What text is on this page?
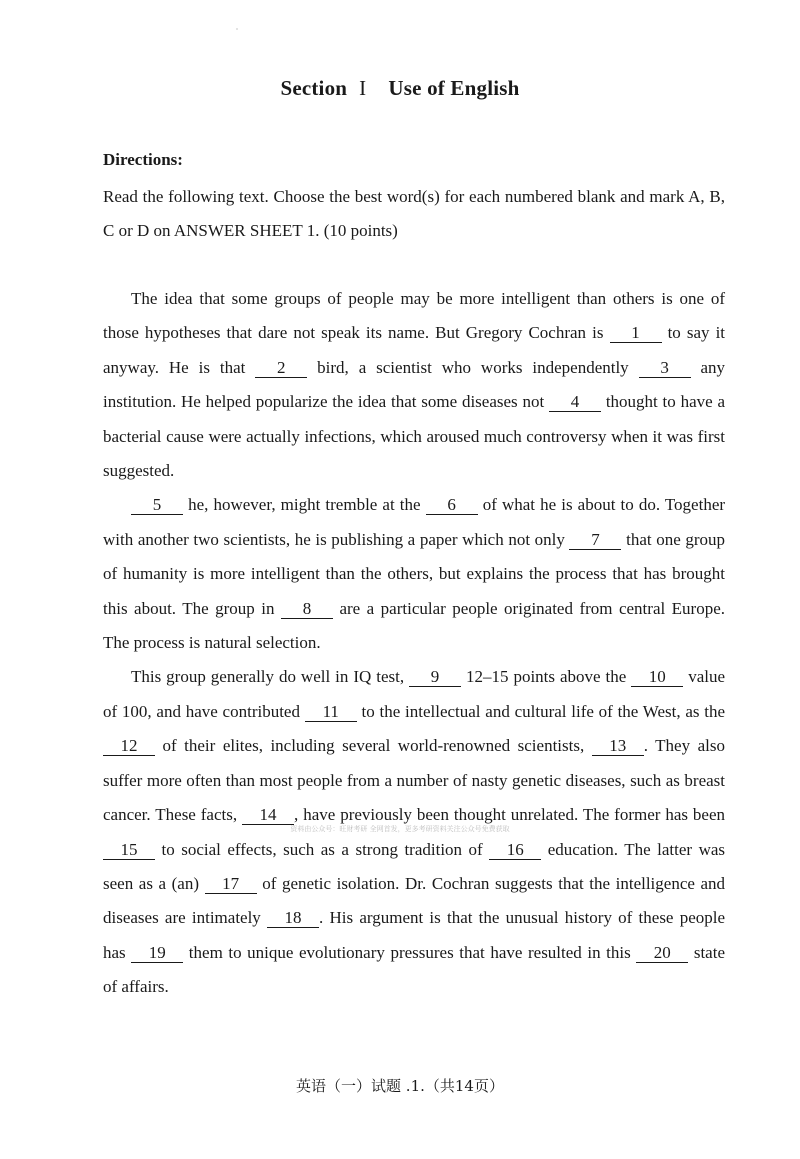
Section I Use of English
Directions:
Read the following text. Choose the best word(s) for each numbered blank and mark A, B, C or D on ANSWER SHEET 1. (10 points)

The idea that some groups of people may be more intelligent than others is one of those hypotheses that dare not speak its name. But Gregory Cochran is 1 to say it anyway. He is that 2 bird, a scientist who works independently 3 any institution. He helped popularize the idea that some diseases not 4 thought to have a bacterial cause were actually infections, which aroused much controversy when it was first suggested.

5 he, however, might tremble at the 6 of what he is about to do. Together with another two scientists, he is publishing a paper which not only 7 that one group of humanity is more intelligent than the others, but explains the process that has brought this about. The group in 8 are a particular people originated from central Europe. The process is natural selection.

This group generally do well in IQ test, 9 12–15 points above the 10 value of 100, and have contributed 11 to the intellectual and cultural life of the West, as the 12 of their elites, including several world-renowned scientists, 13 . They also suffer more often than most people from a number of nasty genetic diseases, such as breast cancer. These facts, 14 , have previously been thought unrelated. The former has been 15 to social effects, such as a strong tradition of 16 education. The latter was seen as a (an) 17 of genetic isolation. Dr. Cochran suggests that the intelligence and diseases are intimately 18 . His argument is that the unusual history of these people has 19 them to unique evolutionary pressures that have resulted in this 20 state of affairs.

资料由公众号：旺财考研 全网首发，更多考研资料关注公众号免费获取
英语（一）试题 .1.（共14页）
